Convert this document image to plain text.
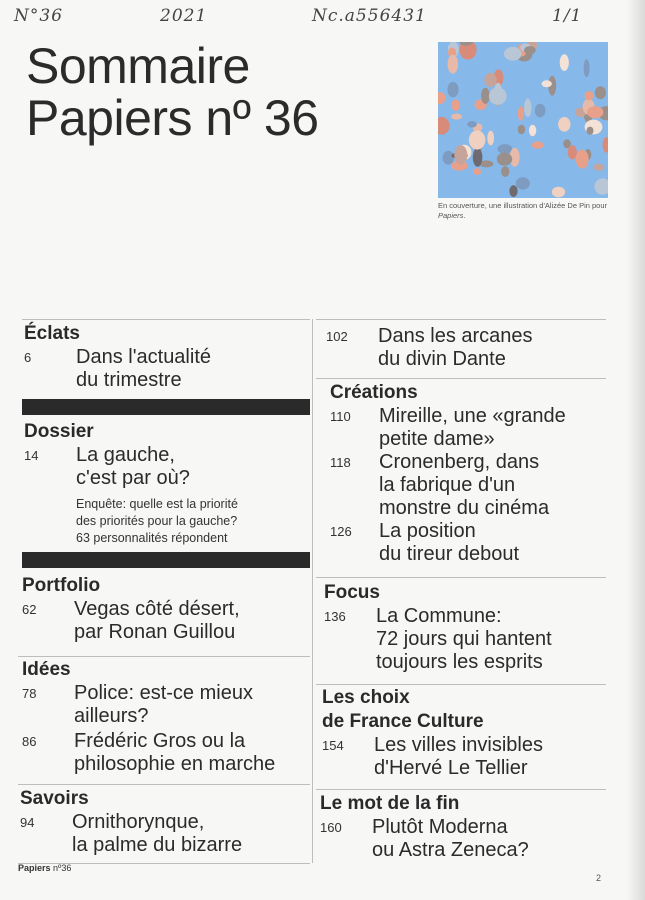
N°36	2021	Nc.a556431	1/1
Sommaire
Papiers nº 36
En couverture, une illustration d'Alizée De Pin pour Papiers.
Éclats
6	Dans l'actualité
du trimestre
Dossier
14	La gauche,
c'est par où?
Enquête: quelle est la priorité
des priorités pour la gauche?
63 personnalités répondent
Portfolio
62	Vegas côté désert,
par Ronan Guillou
Idées
78	Police: est-ce mieux
ailleurs?
86	Frédéric Gros ou la
philosophie en marche
Savoirs
94	Ornithorynque,
la palme du bizarre
102	Dans les arcanes
du divin Dante
Créations
110	Mireille, une «grande
petite dame»
118	Cronenberg, dans
la fabrique d'un
monstre du cinéma
126	La position
du tireur debout
Focus
136	La Commune:
72 jours qui hantent
toujours les esprits
Les choix
de France Culture
154	Les villes invisibles
d'Hervé Le Tellier
Le mot de la fin
160	Plutôt Moderna
ou Astra Zeneca?
Papiers nº36
2
